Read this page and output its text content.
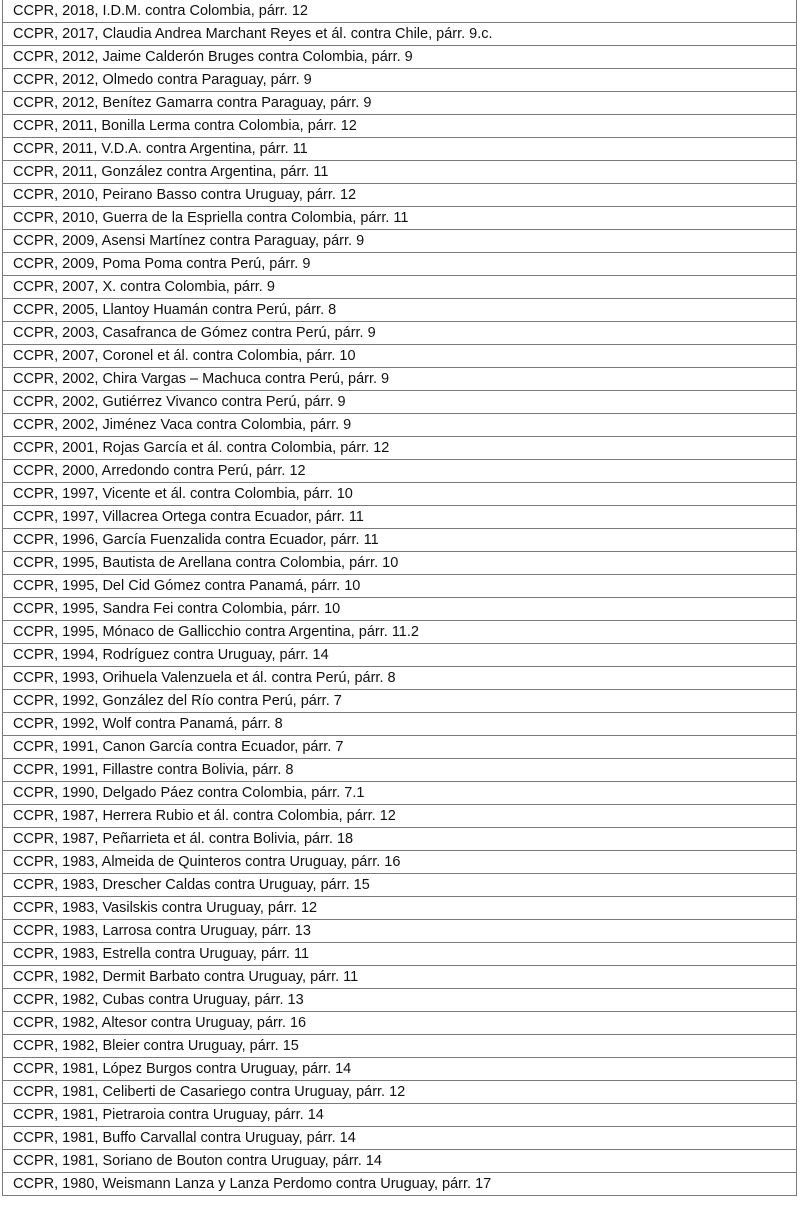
CCPR, 2018, I.D.M. contra Colombia, párr. 12
CCPR, 2017, Claudia Andrea Marchant Reyes et ál. contra Chile, párr. 9.c.
CCPR, 2012, Jaime Calderón Bruges contra Colombia, párr. 9
CCPR, 2012, Olmedo contra Paraguay, párr. 9
CCPR, 2012, Benítez Gamarra contra Paraguay, párr. 9
CCPR, 2011, Bonilla Lerma contra Colombia, párr. 12
CCPR, 2011, V.D.A. contra Argentina, párr. 11
CCPR, 2011, González contra Argentina, párr. 11
CCPR, 2010, Peirano Basso contra Uruguay, párr. 12
CCPR, 2010, Guerra de la Espriella contra Colombia, párr. 11
CCPR, 2009, Asensi Martínez contra Paraguay, párr. 9
CCPR, 2009, Poma Poma contra Perú, párr. 9
CCPR, 2007, X. contra Colombia, párr. 9
CCPR, 2005, Llantoy Huamán contra Perú, párr. 8
CCPR, 2003, Casafranca de Gómez contra Perú, párr. 9
CCPR, 2007, Coronel et ál. contra Colombia, párr. 10
CCPR, 2002, Chira Vargas – Machuca contra Perú, párr. 9
CCPR, 2002, Gutiérrez Vivanco contra Perú, párr. 9
CCPR, 2002, Jiménez Vaca contra Colombia, párr. 9
CCPR, 2001, Rojas García et ál. contra Colombia, párr. 12
CCPR, 2000, Arredondo contra Perú, párr. 12
CCPR, 1997, Vicente et ál. contra Colombia, párr. 10
CCPR, 1997, Villacrea Ortega contra Ecuador, párr. 11
CCPR, 1996, García Fuenzalida contra Ecuador, párr. 11
CCPR, 1995, Bautista de Arellana contra Colombia, párr. 10
CCPR, 1995, Del Cid Gómez contra Panamá, párr. 10
CCPR, 1995, Sandra Fei contra Colombia, párr. 10
CCPR, 1995, Mónaco de Gallicchio contra Argentina, párr. 11.2
CCPR, 1994, Rodríguez contra Uruguay, párr. 14
CCPR, 1993, Orihuela Valenzuela et ál. contra Perú, párr. 8
CCPR, 1992, González del Río contra Perú, párr. 7
CCPR, 1992, Wolf contra Panamá, párr. 8
CCPR, 1991, Canon García contra Ecuador, párr. 7
CCPR, 1991, Fillastre contra Bolivia, párr. 8
CCPR, 1990, Delgado Páez contra Colombia, párr. 7.1
CCPR, 1987, Herrera Rubio et ál. contra Colombia, párr. 12
CCPR, 1987, Peñarrieta et ál. contra Bolivia, párr. 18
CCPR, 1983, Almeida de Quinteros contra Uruguay, párr. 16
CCPR, 1983, Drescher Caldas contra Uruguay, párr. 15
CCPR, 1983, Vasilskis contra Uruguay, párr. 12
CCPR, 1983, Larrosa contra Uruguay, párr. 13
CCPR, 1983, Estrella contra Uruguay, párr. 11
CCPR, 1982, Dermit Barbato contra Uruguay, párr. 11
CCPR, 1982, Cubas contra Uruguay, párr. 13
CCPR, 1982, Altesor contra Uruguay, párr. 16
CCPR, 1982, Bleier contra Uruguay, párr. 15
CCPR, 1981, López Burgos contra Uruguay, párr. 14
CCPR, 1981, Celiberti de Casariego contra Uruguay, párr. 12
CCPR, 1981, Pietraroia contra Uruguay, párr. 14
CCPR, 1981, Buffo Carvallal contra Uruguay, párr. 14
CCPR, 1981, Soriano de Bouton contra Uruguay, párr. 14
CCPR, 1980, Weismann Lanza y Lanza Perdomo contra Uruguay, párr. 17
